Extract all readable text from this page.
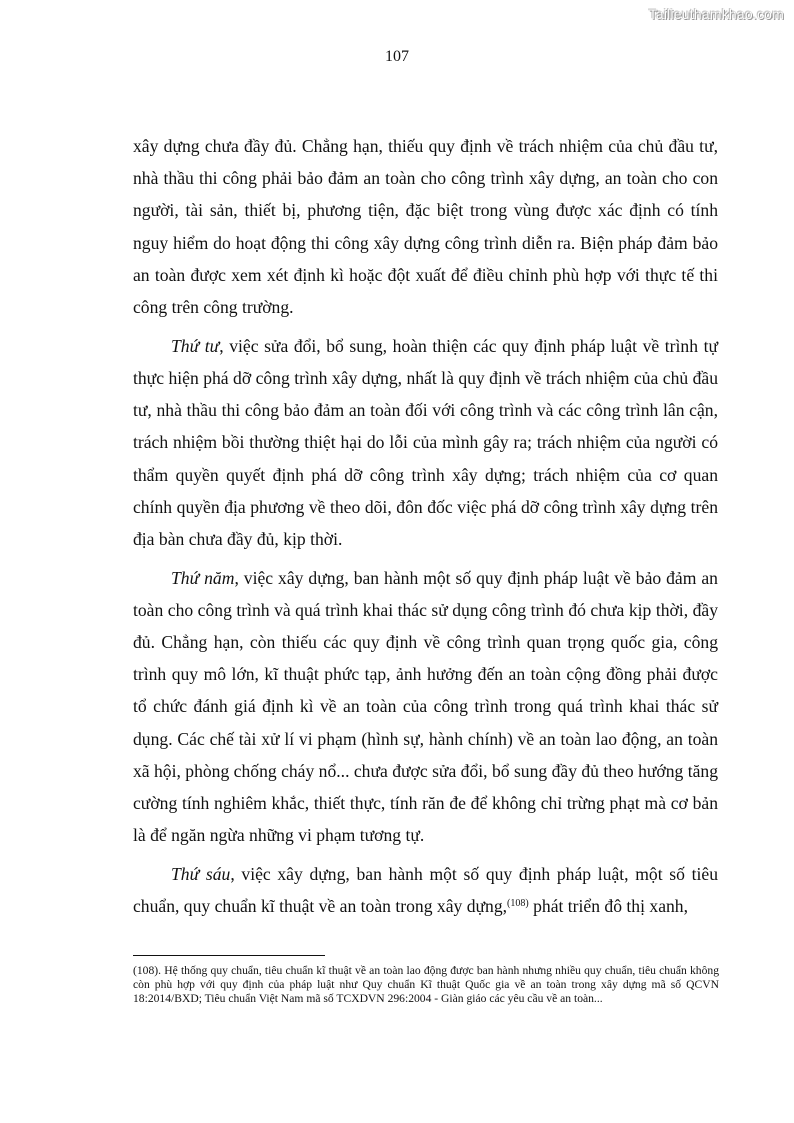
Tailieuthamkhao.com
107

xây dựng chưa đầy đủ. Chẳng hạn, thiếu quy định về trách nhiệm của chủ đầu tư, nhà thầu thi công phải bảo đảm an toàn cho công trình xây dựng, an toàn cho con người, tài sản, thiết bị, phương tiện, đặc biệt trong vùng được xác định có tính nguy hiểm do hoạt động thi công xây dựng công trình diễn ra. Biện pháp đảm bảo an toàn được xem xét định kì hoặc đột xuất để điều chỉnh phù hợp với thực tế thi công trên công trường.

Thứ tư, việc sửa đổi, bổ sung, hoàn thiện các quy định pháp luật về trình tự thực hiện phá dỡ công trình xây dựng, nhất là quy định về trách nhiệm của chủ đầu tư, nhà thầu thi công bảo đảm an toàn đối với công trình và các công trình lân cận, trách nhiệm bồi thường thiệt hại do lỗi của mình gây ra; trách nhiệm của người có thẩm quyền quyết định phá dỡ công trình xây dựng; trách nhiệm của cơ quan chính quyền địa phương về theo dõi, đôn đốc việc phá dỡ công trình xây dựng trên địa bàn chưa đầy đủ, kịp thời.

Thứ năm, việc xây dựng, ban hành một số quy định pháp luật về bảo đảm an toàn cho công trình và quá trình khai thác sử dụng công trình đó chưa kịp thời, đầy đủ. Chẳng hạn, còn thiếu các quy định về công trình quan trọng quốc gia, công trình quy mô lớn, kĩ thuật phức tạp, ảnh hưởng đến an toàn cộng đồng phải được tổ chức đánh giá định kì về an toàn của công trình trong quá trình khai thác sử dụng. Các chế tài xử lí vi phạm (hình sự, hành chính) về an toàn lao động, an toàn xã hội, phòng chống cháy nổ... chưa được sửa đổi, bổ sung đầy đủ theo hướng tăng cường tính nghiêm khắc, thiết thực, tính răn đe để không chỉ trừng phạt mà cơ bản là để ngăn ngừa những vi phạm tương tự.

Thứ sáu, việc xây dựng, ban hành một số quy định pháp luật, một số tiêu chuẩn, quy chuẩn kĩ thuật về an toàn trong xây dựng,$^{(108)}$ phát triển đô thị xanh,

(108). Hệ thống quy chuẩn, tiêu chuẩn kĩ thuật về an toàn lao động được ban hành nhưng nhiều quy chuẩn, tiêu chuẩn không còn phù hợp với quy định của pháp luật như Quy chuẩn Kĩ thuật Quốc gia về an toàn trong xây dựng mã số QCVN 18:2014/BXD; Tiêu chuẩn Việt Nam mã số TCXDVN 296:2004 - Giàn giáo các yêu cầu về an toàn...
